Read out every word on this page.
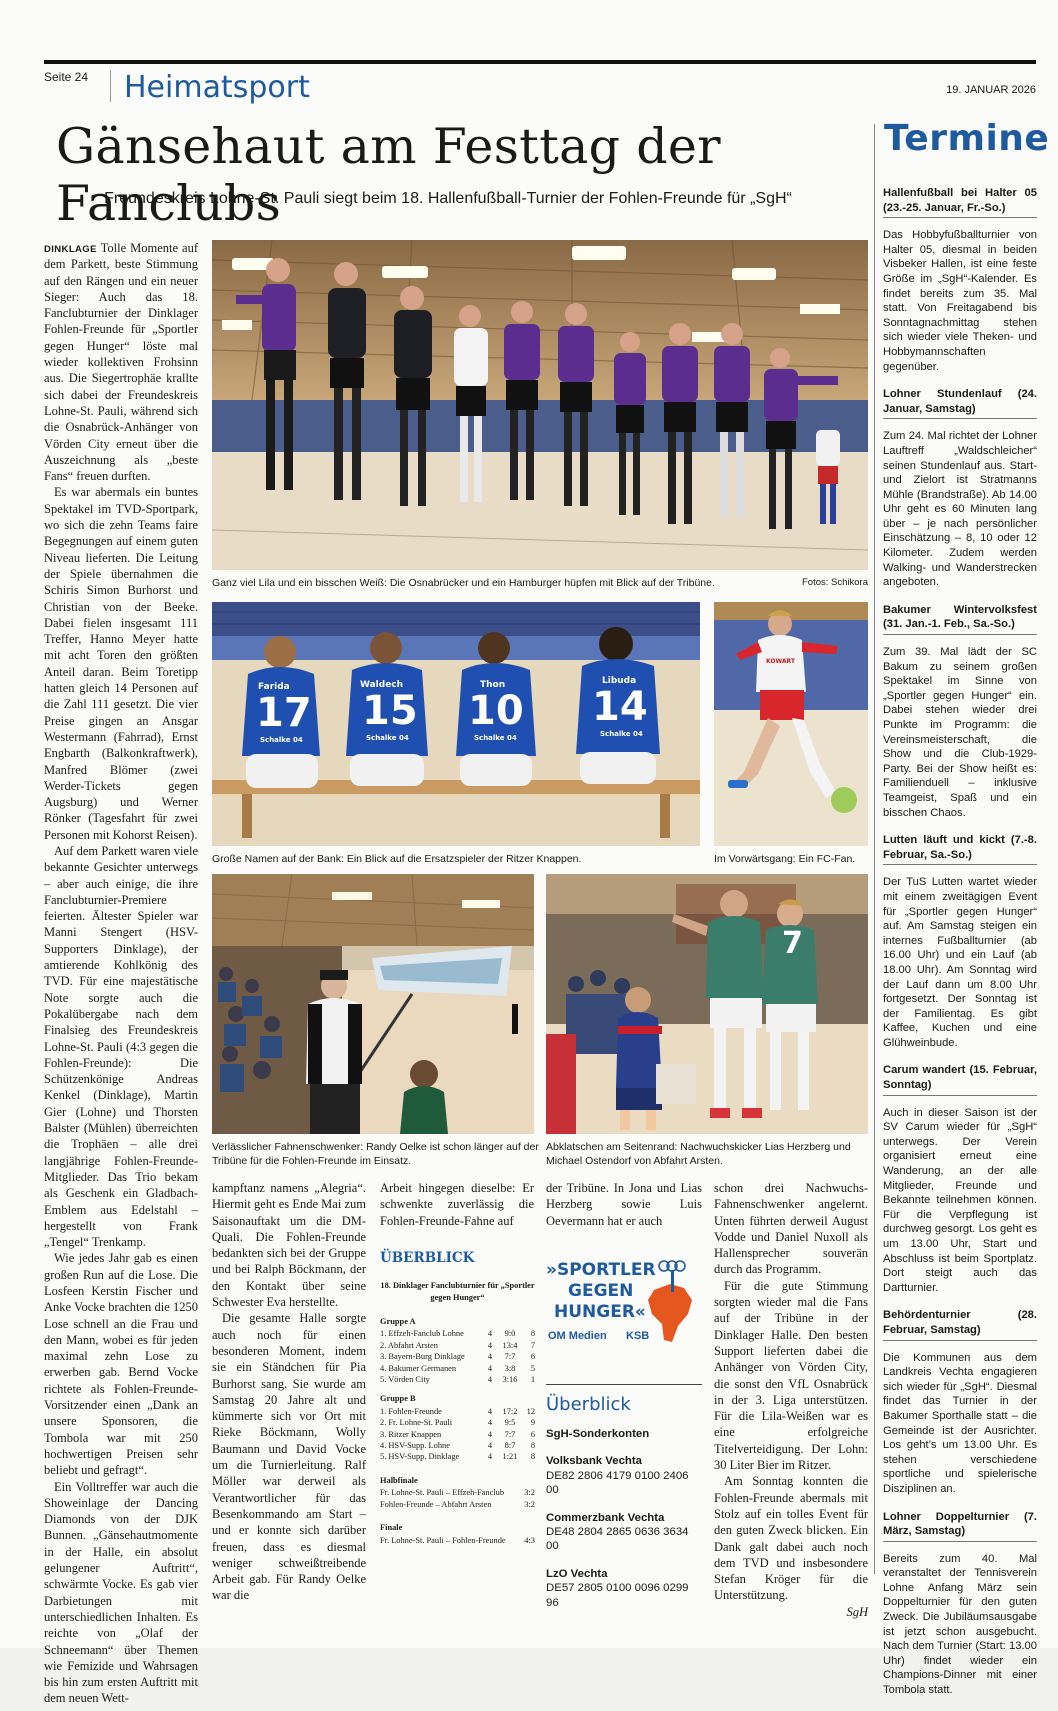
Seite 24 Heimatsport	19. JANUAR 2026
Gänsehaut am Festtag der Fanclubs
Freundeskreis Lohne-St. Pauli siegt beim 18. Hallenfußball-Turnier der Fohlen-Freunde für „SgH“
Ganz viel Lila und ein bisschen Weiß: Die Osnabrücker und ein Hamburger hüpfen mit Blick auf der Tribüne.	Fotos: Schikora
Farida
17
Schalke 04
Waldech
15
Schalke 04
Thon
10
Schalke 04
Libuda
14
Schalke 04
Große Namen auf der Bank: Ein Blick auf die Ersatzspieler der Ritzer Knappen.
KOWART
Im Vorwärtsgang: Ein FC-Fan.
Verlässlicher Fahnenschwenker: Randy Oelke ist schon länger auf der Tribüne für die Fohlen-Freunde im Einsatz.
7
Abklatschen am Seitenrand: Nachwuchskicker Lias Herzberg und Michael Ostendorf von Abfahrt Arsten.

DINKLAGE Tolle Momente auf dem Parkett, beste Stimmung auf den Rängen und ein neuer Sieger: Auch das 18. Fanclubturnier der Dinklager Fohlen-Freunde für „Sportler gegen Hunger“ löste mal wieder kollektiven Frohsinn aus. Die Siegertrophäe krallte sich dabei der Freundeskreis Lohne-St. Pauli, während sich die Osnabrück-Anhänger von Vörden City erneut über die Auszeichnung als „beste Fans“ freuen durften.

Es war abermals ein buntes Spektakel im TVD-Sportpark, wo sich die zehn Teams faire Begegnungen auf einem guten Niveau lieferten. Die Leitung der Spiele übernahmen die Schiris Simon Burhorst und Christian von der Beeke. Dabei fielen insgesamt 111 Treffer, Hanno Meyer hatte mit acht Toren den größten Anteil daran. Beim Toretipp hatten gleich 14 Personen auf die Zahl 111 gesetzt. Die vier Preise gingen an Ansgar Westermann (Fahrrad), Ernst Engbarth (Balkonkraftwerk), Manfred Blömer (zwei Werder-Tickets gegen Augsburg) und Werner Rönker (Tagesfahrt für zwei Personen mit Kohorst Reisen).

Auf dem Parkett waren viele bekannte Gesichter unterwegs – aber auch einige, die ihre Fanclubturnier-Premiere feierten. Ältester Spieler war Manni Stengert (HSV-Supporters Dinklage), der amtierende Kohlkönig des TVD. Für eine majestätische Note sorgte auch die Pokalübergabe nach dem Finalsieg des Freundeskreis Lohne-St. Pauli (4:3 gegen die Fohlen-Freunde): Die Schützenkönige Andreas Kenkel (Dinklage), Martin Gier (Lohne) und Thorsten Balster (Mühlen) überreichten die Trophäen – alle drei langjährige Fohlen-Freunde-Mitglieder. Das Trio bekam als Geschenk ein Gladbach-Emblem aus Edelstahl – hergestellt von Frank „Tengel“ Trenkamp.

Wie jedes Jahr gab es einen großen Run auf die Lose. Die Losfeen Kerstin Fischer und Anke Vocke brachten die 1250 Lose schnell an die Frau und den Mann, wobei es für jeden maximal zehn Lose zu erwerben gab. Bernd Vocke richtete als Fohlen-Freunde-Vorsitzender einen „Dank an unsere Sponsoren, die Tombola war mit 250 hochwertigen Preisen sehr beliebt und gefragt“.

Ein Volltreffer war auch die Showeinlage der Dancing Diamonds von der DJK Bunnen. „Gänsehautmomente in der Halle, ein absolut gelungener Auftritt“, schwärmte Vocke. Es gab vier Darbietungen mit unterschiedlichen Inhalten. Es reichte von „Olaf der Schneemann“ über Themen wie Femizide und Wahrsagen bis hin zum ersten Auftritt mit dem neuen Wett-

kampftanz namens „Alegria“. Hiermit geht es Ende Mai zum Saisonauftakt um die DM-Quali. Die Fohlen-Freunde bedankten sich bei der Gruppe und bei Ralph Böckmann, der den Kontakt über seine Schwester Eva herstellte.

Die gesamte Halle sorgte auch noch für einen besonderen Moment, indem sie ein Ständchen für Pia Burhorst sang. Sie wurde am Samstag 20 Jahre alt und kümmerte sich vor Ort mit Rieke Böckmann, Wolly Baumann und David Vocke um die Turnierleitung. Ralf Möller war derweil als Verantwortlicher für das Besenkommando am Start – und er konnte sich darüber freuen, dass es diesmal weniger schweißtreibende Arbeit gab. Für Randy Oelke war die

Arbeit hingegen dieselbe: Er schwenkte zuverlässig die Fohlen-Freunde-Fahne auf

ÜBERBLICK
18. Dinklager Fanclubturnier für „Sportler gegen Hunger“
Gruppe A
1. Effzeh-Fanclub Lohne	4	9:0	8
2. Abfahrt Arsten	4	13:4	7
3. Bayern-Burg Dinklage	4	7:7	6
4. Bakumer Germanen	4	3:8	5
5. Vörden City	4	3:16	1
Gruppe B
1. Fohlen-Freunde	4	17:2	12
2. Fr. Lohne-St. Pauli	4	9:5	9
3. Ritzer Knappen	4	7:7	6
4. HSV-Supp. Lohne	4	8:7	8
5. HSV-Supp. Dinklage	4	1:21	8
Halbfinale
Fr. Lohne-St. Pauli – Effzeh-Fanclub 3:2
Fohlen-Freunde – Abfahrt Arsten	3:2
Finale
Fr. Lohne-St. Pauli – Fohlen-Freunde 4:3

der Tribüne. In Jona und Lias Herzberg sowie Luis Oevermann hat er auch

»SPORTLER
GEGEN
HUNGER«
OM Medien KSB
Überblick
SgH-Sonderkonten
Volksbank Vechta
DE82 2806 4179 0100 2406 00
Commerzbank Vechta
DE48 2804 2865 0636 3634 00
LzO Vechta
DE57 2805 0100 0096 0299 96

schon drei Nachwuchs-Fahnenschwenker angelernt. Unten führten derweil August Vodde und Daniel Nuxoll als Hallensprecher souverän durch das Programm.

Für die gute Stimmung sorgten wieder mal die Fans auf der Tribüne in der Dinklager Halle. Den besten Support lieferten dabei die Anhänger von Vörden City, die sonst den VfL Osnabrück in der 3. Liga unterstützen. Für die Lila-Weißen war es eine erfolgreiche Titelverteidigung. Der Lohn: 30 Liter Bier im Ritzer.

Am Sonntag konnten die Fohlen-Freunde abermals mit Stolz auf ein tolles Event für den guten Zweck blicken. Ein Dank galt dabei auch noch dem TVD und insbesondere Stefan Kröger für die Unterstützung.

SgH
Termine
Hallenfußball bei Halter 05 (23.-25. Januar, Fr.-So.)
Das Hobbyfußballturnier von Halter 05, diesmal in beiden Visbeker Hallen, ist eine feste Größe im „SgH“-Kalender. Es findet bereits zum 35. Mal statt. Von Freitagabend bis Sonntagnachmittag stehen sich wieder viele Theken- und Hobbymannschaften gegenüber.
Lohner Stundenlauf (24. Januar, Samstag)
Zum 24. Mal richtet der Lohner Lauftreff „Waldschleicher“ seinen Stundenlauf aus. Start- und Zielort ist Stratmanns Mühle (Brandstraße). Ab 14.00 Uhr geht es 60 Minuten lang über – je nach persönlicher Einschätzung – 8, 10 oder 12 Kilometer. Zudem werden Walking- und Wanderstrecken angeboten.
Bakumer Wintervolksfest (31. Jan.-1. Feb., Sa.-So.)
Zum 39. Mal lädt der SC Bakum zu seinem großen Spektakel im Sinne von „Sportler gegen Hunger“ ein. Dabei stehen wieder drei Punkte im Programm: die Vereinsmeisterschaft, die Show und die Club-1929-Party. Bei der Show heißt es: Familienduell – inklusive Teamgeist, Spaß und ein bisschen Chaos.
Lutten läuft und kickt (7.-8. Februar, Sa.-So.)
Der TuS Lutten wartet wieder mit einem zweitägigen Event für „Sportler gegen Hunger“ auf. Am Samstag steigen ein internes Fußballturnier (ab 16.00 Uhr) und ein Lauf (ab 18.00 Uhr). Am Sonntag wird der Lauf dann um 8.00 Uhr fortgesetzt. Der Sonntag ist der Familientag. Es gibt Kaffee, Kuchen und eine Glühweinbude.
Carum wandert (15. Februar, Sonntag)
Auch in dieser Saison ist der SV Carum wieder für „SgH“ unterwegs. Der Verein organisiert erneut eine Wanderung, an der alle Mitglieder, Freunde und Bekannte teilnehmen können. Für die Verpflegung ist durchweg gesorgt. Los geht es um 13.00 Uhr, Start und Abschluss ist beim Sportplatz. Dort steigt auch das Dartturnier.
Behördenturnier (28. Februar, Samstag)
Die Kommunen aus dem Landkreis Vechta engagieren sich wieder für „SgH“. Diesmal findet das Turnier in der Bakumer Sporthalle statt – die Gemeinde ist der Ausrichter. Los geht’s um 13.00 Uhr. Es stehen verschiedene sportliche und spielerische Disziplinen an.
Lohner Doppelturnier (7. März, Samstag)
Bereits zum 40. Mal veranstaltet der Tennisverein Lohne Anfang März sein Doppelturnier für den guten Zweck. Die Jubiläumsausgabe ist jetzt schon ausgebucht. Nach dem Turnier (Start: 13.00 Uhr) findet wieder ein Champions-Dinner mit einer Tombola statt.
